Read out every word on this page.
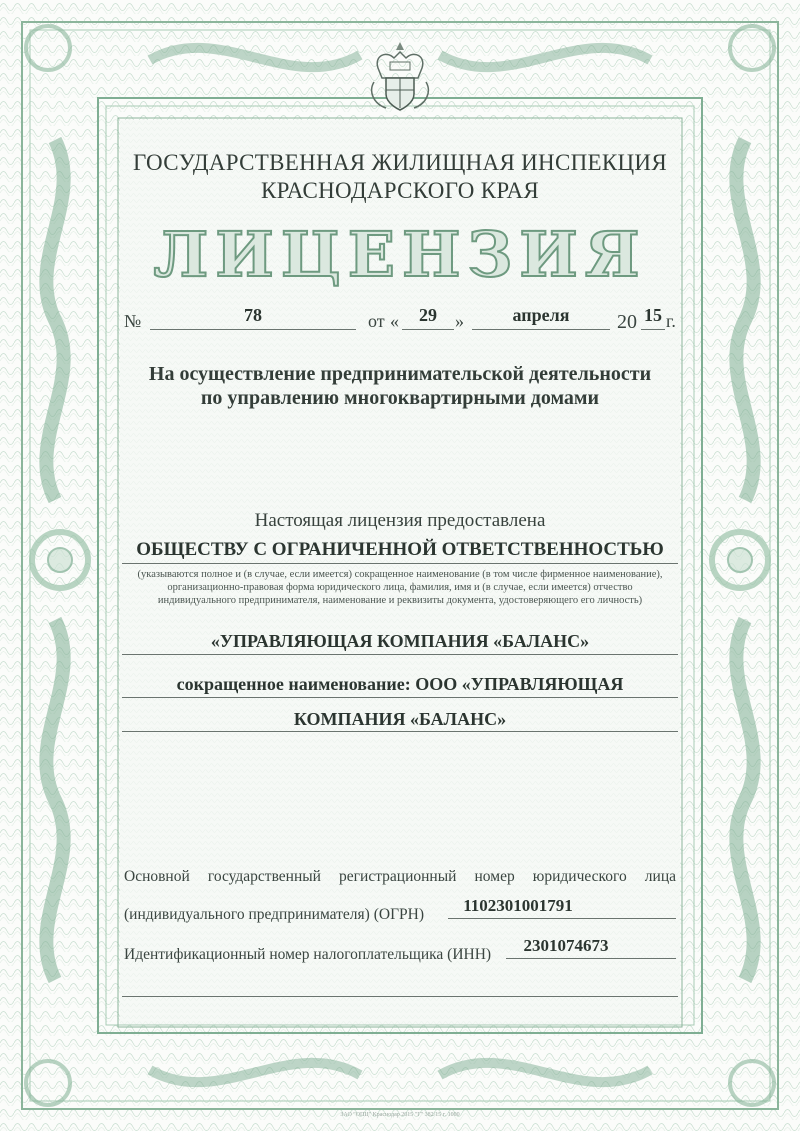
ГОСУДАРСТВЕННАЯ ЖИЛИЩНАЯ ИНСПЕКЦИЯ
КРАСНОДАРСКОГО КРАЯ
ЛИЦЕНЗИЯ
№	78	от «	29	»	апреля	20 15 г.
На осуществление предпринимательской деятельности
по управлению многоквартирными домами
Настоящая лицензия предоставлена
ОБЩЕСТВУ С ОГРАНИЧЕННОЙ ОТВЕТСТВЕННОСТЬЮ
(указываются полное и (в случае, если имеется) сокращенное наименование (в том числе фирменное наименование), организационно-правовая форма юридического лица, фамилия, имя и (в случае, если имеется) отчество индивидуального предпринимателя, наименование и реквизиты документа, удостоверяющего его личность)
«УПРАВЛЯЮЩАЯ КОМПАНИЯ «БАЛАНС»
сокращенное наименование: ООО «УПРАВЛЯЮЩАЯ
КОМПАНИЯ «БАЛАНС»
Основной государственный регистрационный номер юридического лица
(индивидуального предпринимателя) (ОГРН)	1102301001791
Идентификационный номер налогоплательщика (ИНН)	2301074673
ЗАО "ОПЦ" Краснодар 2015 "Г" 382/15 г. 1000
